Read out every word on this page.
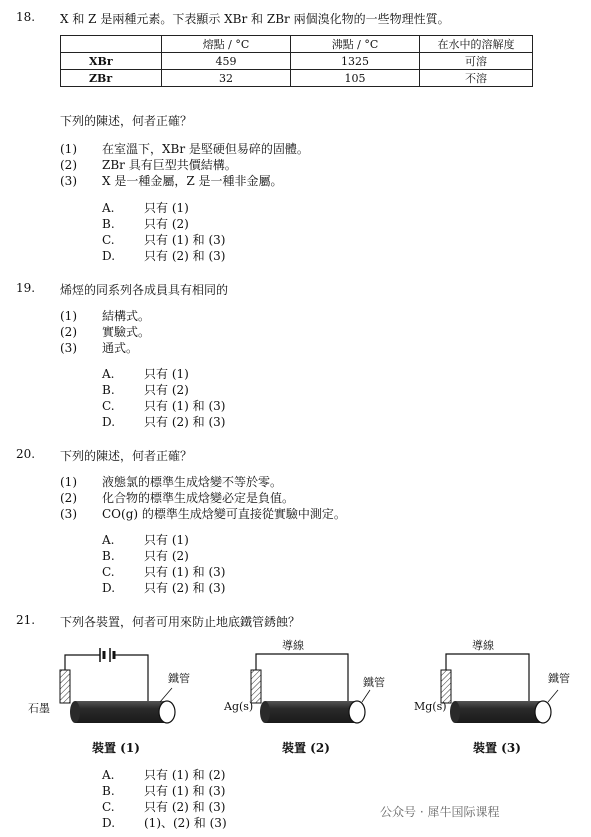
18. X 和 Z 是兩種元素。下表顯示 XBr 和 ZBr 兩個溴化物的一些物理性質。
	熔點 / °C	沸點 / °C	在水中的溶解度
XBr	459	1325	可溶
ZBr	32	105	不溶
下列的陳述，何者正確？
(1) 在室溫下，XBr 是堅硬但易碎的固體。
(2) ZBr 具有巨型共價結構。
(3) X 是一種金屬，Z 是一種非金屬。
A. 只有 (1)
B. 只有 (2)
C. 只有 (1) 和 (3)
D. 只有 (2) 和 (3)
19. 烯烴的同系列各成員具有相同的
(1) 結構式。
(2) 實驗式。
(3) 通式。
A. 只有 (1)
B. 只有 (2)
C. 只有 (1) 和 (3)
D. 只有 (2) 和 (3)
20. 下列的陳述，何者正確？
(1) 液態氯的標準生成焓變不等於零。
(2) 化合物的標準生成焓變必定是負值。
(3) CO(g) 的標準生成焓變可直接從實驗中測定。
A. 只有 (1)
B. 只有 (2)
C. 只有 (1) 和 (3)
D. 只有 (2) 和 (3)
21. 下列各裝置，何者可用來防止地底鐵管銹蝕？
石墨
鐵管
裝置 (1)
導線
Ag(s)
鐵管
裝置 (2)
導線
Mg(s)
鐵管
裝置 (3)
A. 只有 (1) 和 (2)
B. 只有 (1) 和 (3)
C. 只有 (2) 和 (3)
D. (1)、(2) 和 (3)
公众号 · 犀牛国际课程
